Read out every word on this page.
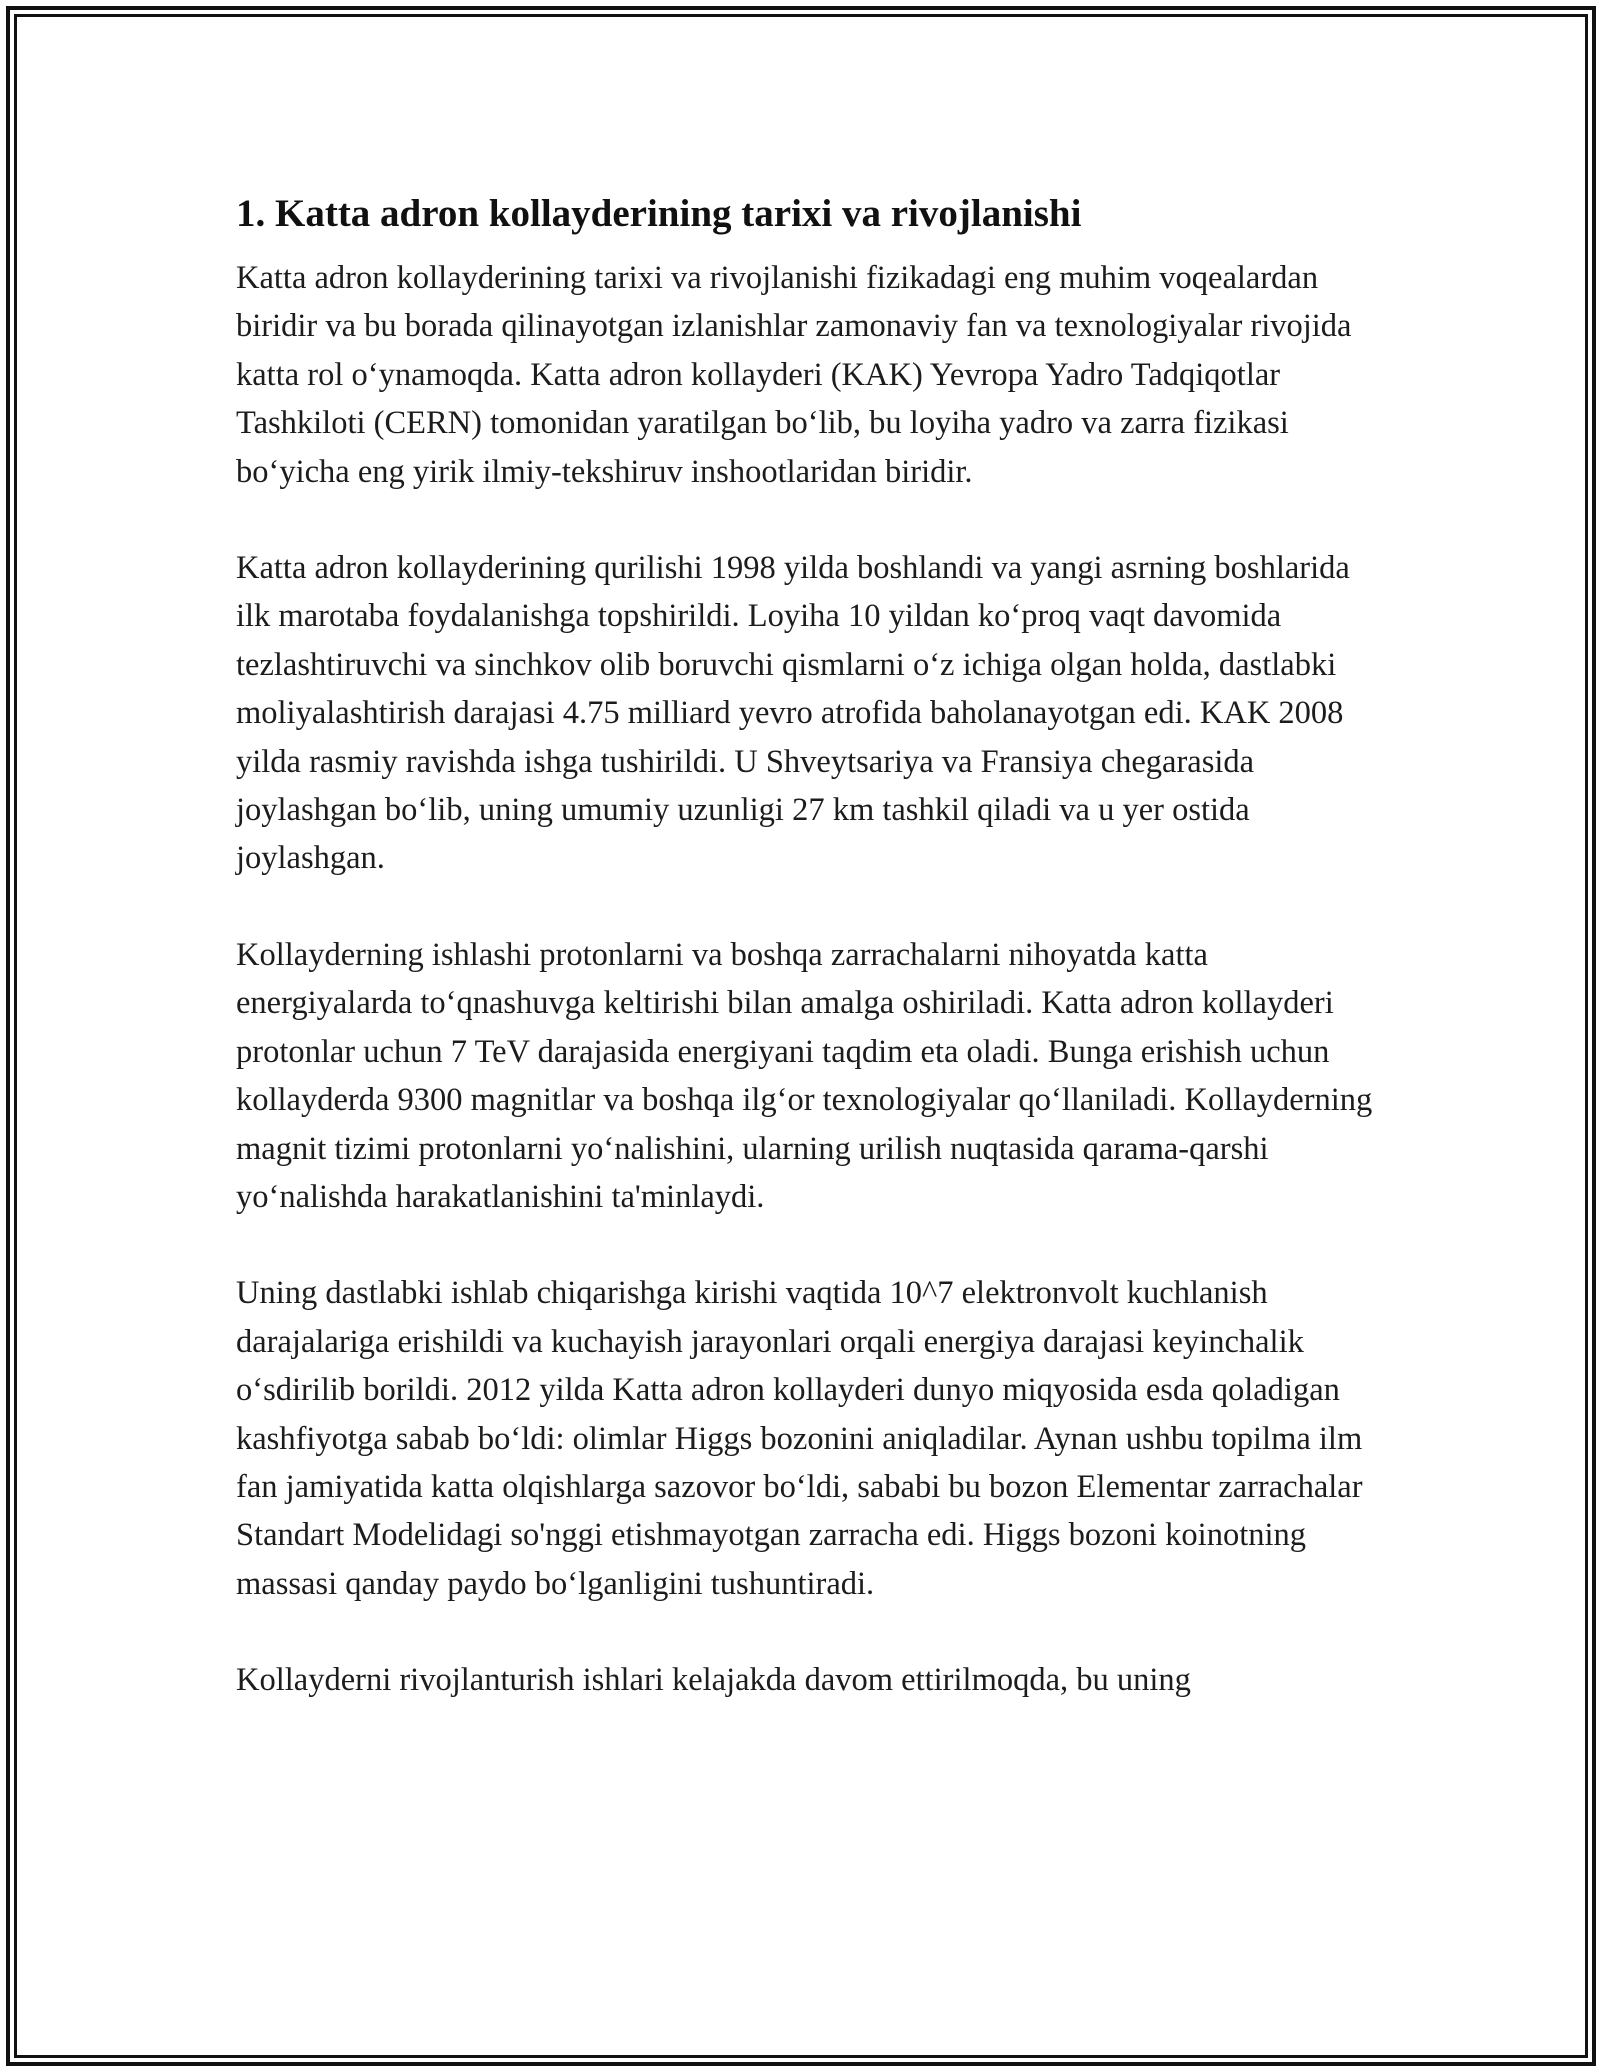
1. Katta adron kollayderining tarixi va rivojlanishi

Katta adron kollayderining tarixi va rivojlanishi fizikadagi eng muhim voqealardan biridir va bu borada qilinayotgan izlanishlar zamonaviy fan va texnologiyalar rivojida katta rol oʻynamoqda. Katta adron kollayderi (KAK) Yevropa Yadro Tadqiqotlar Tashkiloti (CERN) tomonidan yaratilgan boʻlib, bu loyiha yadro va zarra fizikasi boʻyicha eng yirik ilmiy-tekshiruv inshootlaridan biridir.

Katta adron kollayderining qurilishi 1998 yilda boshlandi va yangi asrning boshlarida ilk marotaba foydalanishga topshirildi. Loyiha 10 yildan koʻproq vaqt davomida tezlashtiruvchi va sinchkov olib boruvchi qismlarni oʻz ichiga olgan holda, dastlabki moliyalashtirish darajasi 4.75 milliard yevro atrofida baholanayotgan edi. KAK 2008 yilda rasmiy ravishda ishga tushirildi. U Shveytsariya va Fransiya chegarasida joylashgan boʻlib, uning umumiy uzunligi 27 km tashkil qiladi va u yer ostida joylashgan.

Kollayderning ishlashi protonlarni va boshqa zarrachalarni nihoyatda katta energiyalarda toʻqnashuvga keltirishi bilan amalga oshiriladi. Katta adron kollayderi protonlar uchun 7 TeV darajasida energiyani taqdim eta oladi. Bunga erishish uchun kollayderda 9300 magnitlar va boshqa ilgʻor texnologiyalar qoʻllaniladi. Kollayderning magnit tizimi protonlarni yoʻnalishini, ularning urilish nuqtasida qarama-qarshi yoʻnalishda harakatlanishini ta'minlaydi.

Uning dastlabki ishlab chiqarishga kirishi vaqtida 10^7 elektronvolt kuchlanish darajalariga erishildi va kuchayish jarayonlari orqali energiya darajasi keyinchalik oʻsdirilib borildi. 2012 yilda Katta adron kollayderi dunyo miqyosida esda qoladigan kashfiyotga sabab boʻldi: olimlar Higgs bozonini aniqladilar. Aynan ushbu topilma ilm fan jamiyatida katta olqishlarga sazovor boʻldi, sababi bu bozon Elementar zarrachalar Standart Modelidagi so'nggi etishmayotgan zarracha edi. Higgs bozoni koinotning massasi qanday paydo boʻlganligini tushuntiradi.

Kollayderni rivojlanturish ishlari kelajakda davom ettirilmoqda, bu uning
